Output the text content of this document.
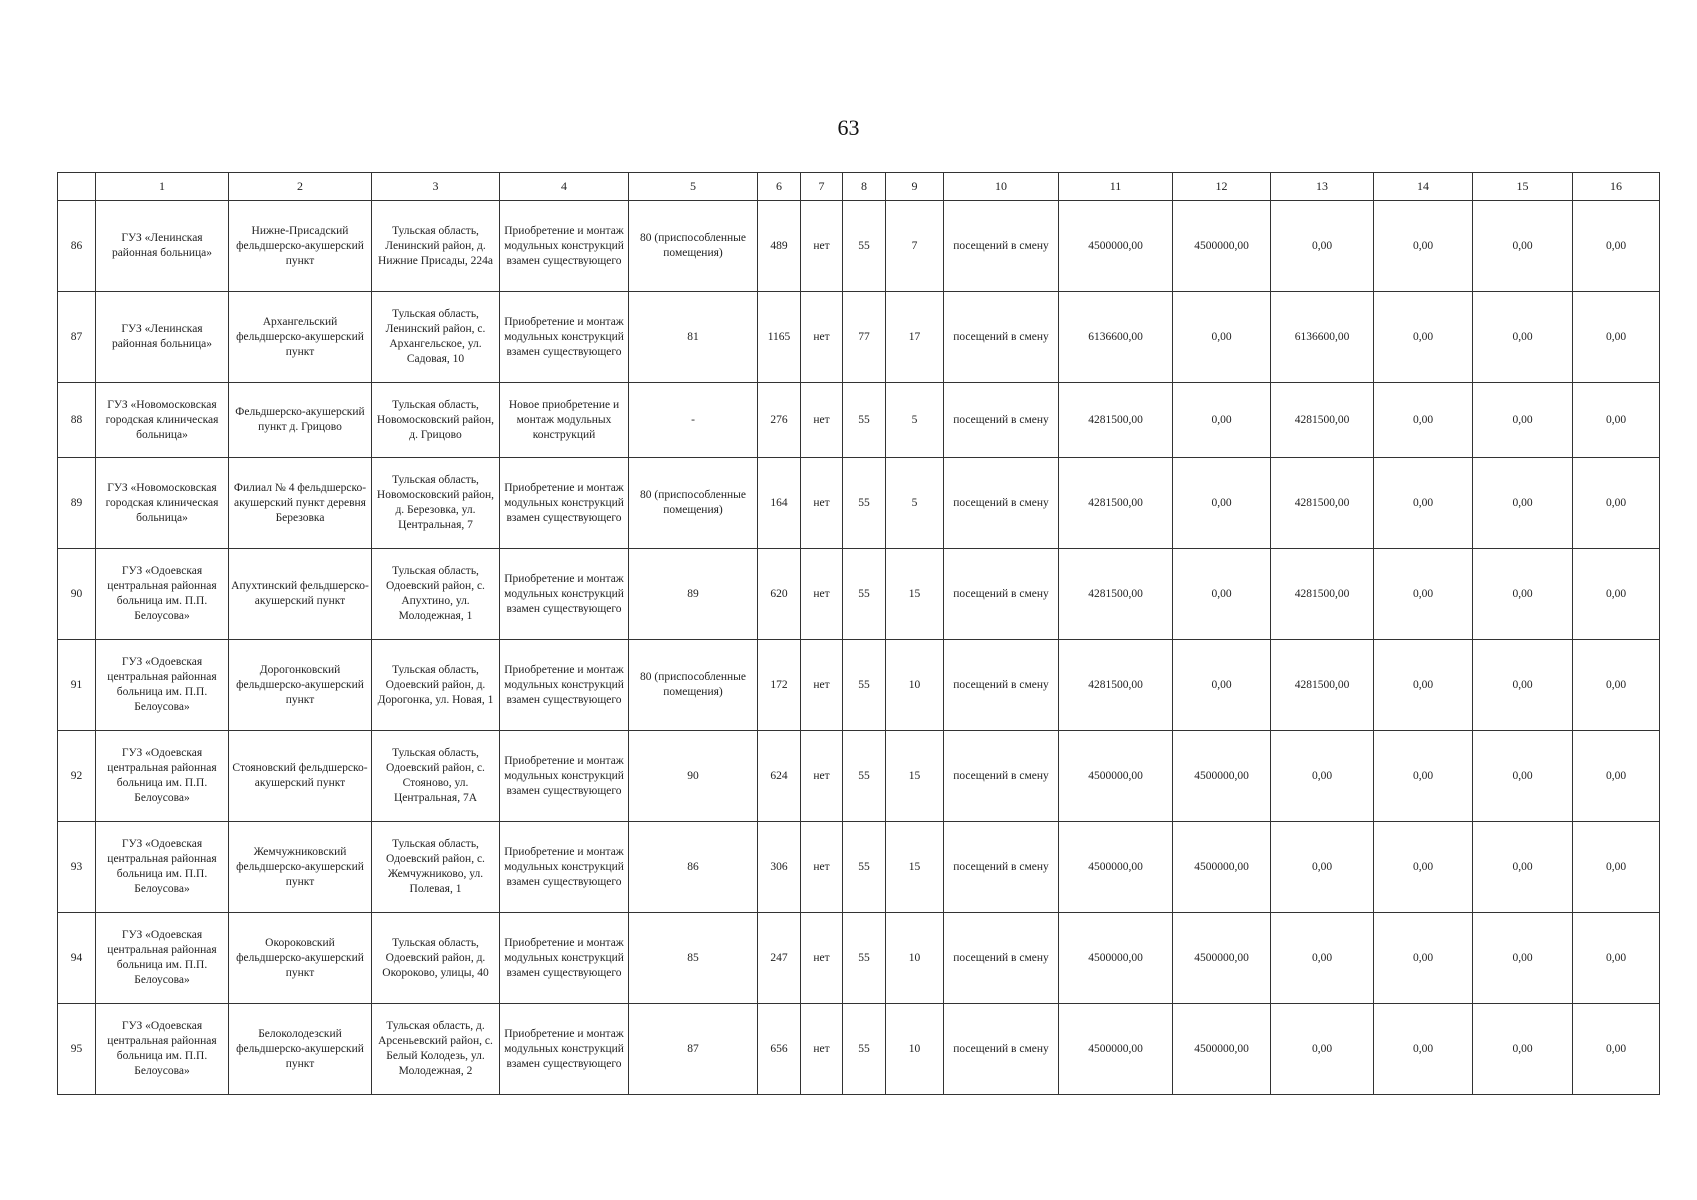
63
	1	2	3	4	5	6	7	8	9	10	11	12	13	14	15	16
86	ГУЗ «Ленинская районная больница»	Нижне-Присадский фельдшерско-акушерский пункт	Тульская область, Ленинский район, д. Нижние Присады, 224а	Приобретение и монтаж модульных конструкций взамен существующего	80 (приспособленные помещения)	489	нет	55	7	посещений в смену	4500000,00	4500000,00	0,00	0,00	0,00	0,00
87	ГУЗ «Ленинская районная больница»	Архангельский фельдшерско-акушерский пункт	Тульская область, Ленинский район, с. Архангельское, ул. Садовая, 10	Приобретение и монтаж модульных конструкций взамен существующего	81	1165	нет	77	17	посещений в смену	6136600,00	0,00	6136600,00	0,00	0,00	0,00
88	ГУЗ «Новомосковская городская клиническая больница»	Фельдшерско-акушерский пункт д. Грицово	Тульская область, Новомосковский район, д. Грицово	Новое приобретение и монтаж модульных конструкций	-	276	нет	55	5	посещений в смену	4281500,00	0,00	4281500,00	0,00	0,00	0,00
89	ГУЗ «Новомосковская городская клиническая больница»	Филиал № 4 фельдшерско-акушерский пункт деревня Березовка	Тульская область, Новомосковский район, д. Березовка, ул. Центральная, 7	Приобретение и монтаж модульных конструкций взамен существующего	80 (приспособленные помещения)	164	нет	55	5	посещений в смену	4281500,00	0,00	4281500,00	0,00	0,00	0,00
90	ГУЗ «Одоевская центральная районная больница им. П.П. Белоусова»	Апухтинский фельдшерско-акушерский пункт	Тульская область, Одоевский район, с. Апухтино, ул. Молодежная, 1	Приобретение и монтаж модульных конструкций взамен существующего	89	620	нет	55	15	посещений в смену	4281500,00	0,00	4281500,00	0,00	0,00	0,00
91	ГУЗ «Одоевская центральная районная больница им. П.П. Белоусова»	Дорогонковский фельдшерско-акушерский пункт	Тульская область, Одоевский район, д. Дорогонка, ул. Новая, 1	Приобретение и монтаж модульных конструкций взамен существующего	80 (приспособленные помещения)	172	нет	55	10	посещений в смену	4281500,00	0,00	4281500,00	0,00	0,00	0,00
92	ГУЗ «Одоевская центральная районная больница им. П.П. Белоусова»	Стояновский фельдшерско-акушерский пункт	Тульская область, Одоевский район, с. Стояново, ул. Центральная, 7А	Приобретение и монтаж модульных конструкций взамен существующего	90	624	нет	55	15	посещений в смену	4500000,00	4500000,00	0,00	0,00	0,00	0,00
93	ГУЗ «Одоевская центральная районная больница им. П.П. Белоусова»	Жемчужниковский фельдшерско-акушерский пункт	Тульская область, Одоевский район, с. Жемчужниково, ул. Полевая, 1	Приобретение и монтаж модульных конструкций взамен существующего	86	306	нет	55	15	посещений в смену	4500000,00	4500000,00	0,00	0,00	0,00	0,00
94	ГУЗ «Одоевская центральная районная больница им. П.П. Белоусова»	Окороковский фельдшерско-акушерский пункт	Тульская область, Одоевский район, д. Окороково, улицы, 40	Приобретение и монтаж модульных конструкций взамен существующего	85	247	нет	55	10	посещений в смену	4500000,00	4500000,00	0,00	0,00	0,00	0,00
95	ГУЗ «Одоевская центральная районная больница им. П.П. Белоусова»	Белоколодезский фельдшерско-акушерский пункт	Тульская область, д. Арсеньевский район, с. Белый Колодезь, ул. Молодежная, 2	Приобретение и монтаж модульных конструкций взамен существующего	87	656	нет	55	10	посещений в смену	4500000,00	4500000,00	0,00	0,00	0,00	0,00
